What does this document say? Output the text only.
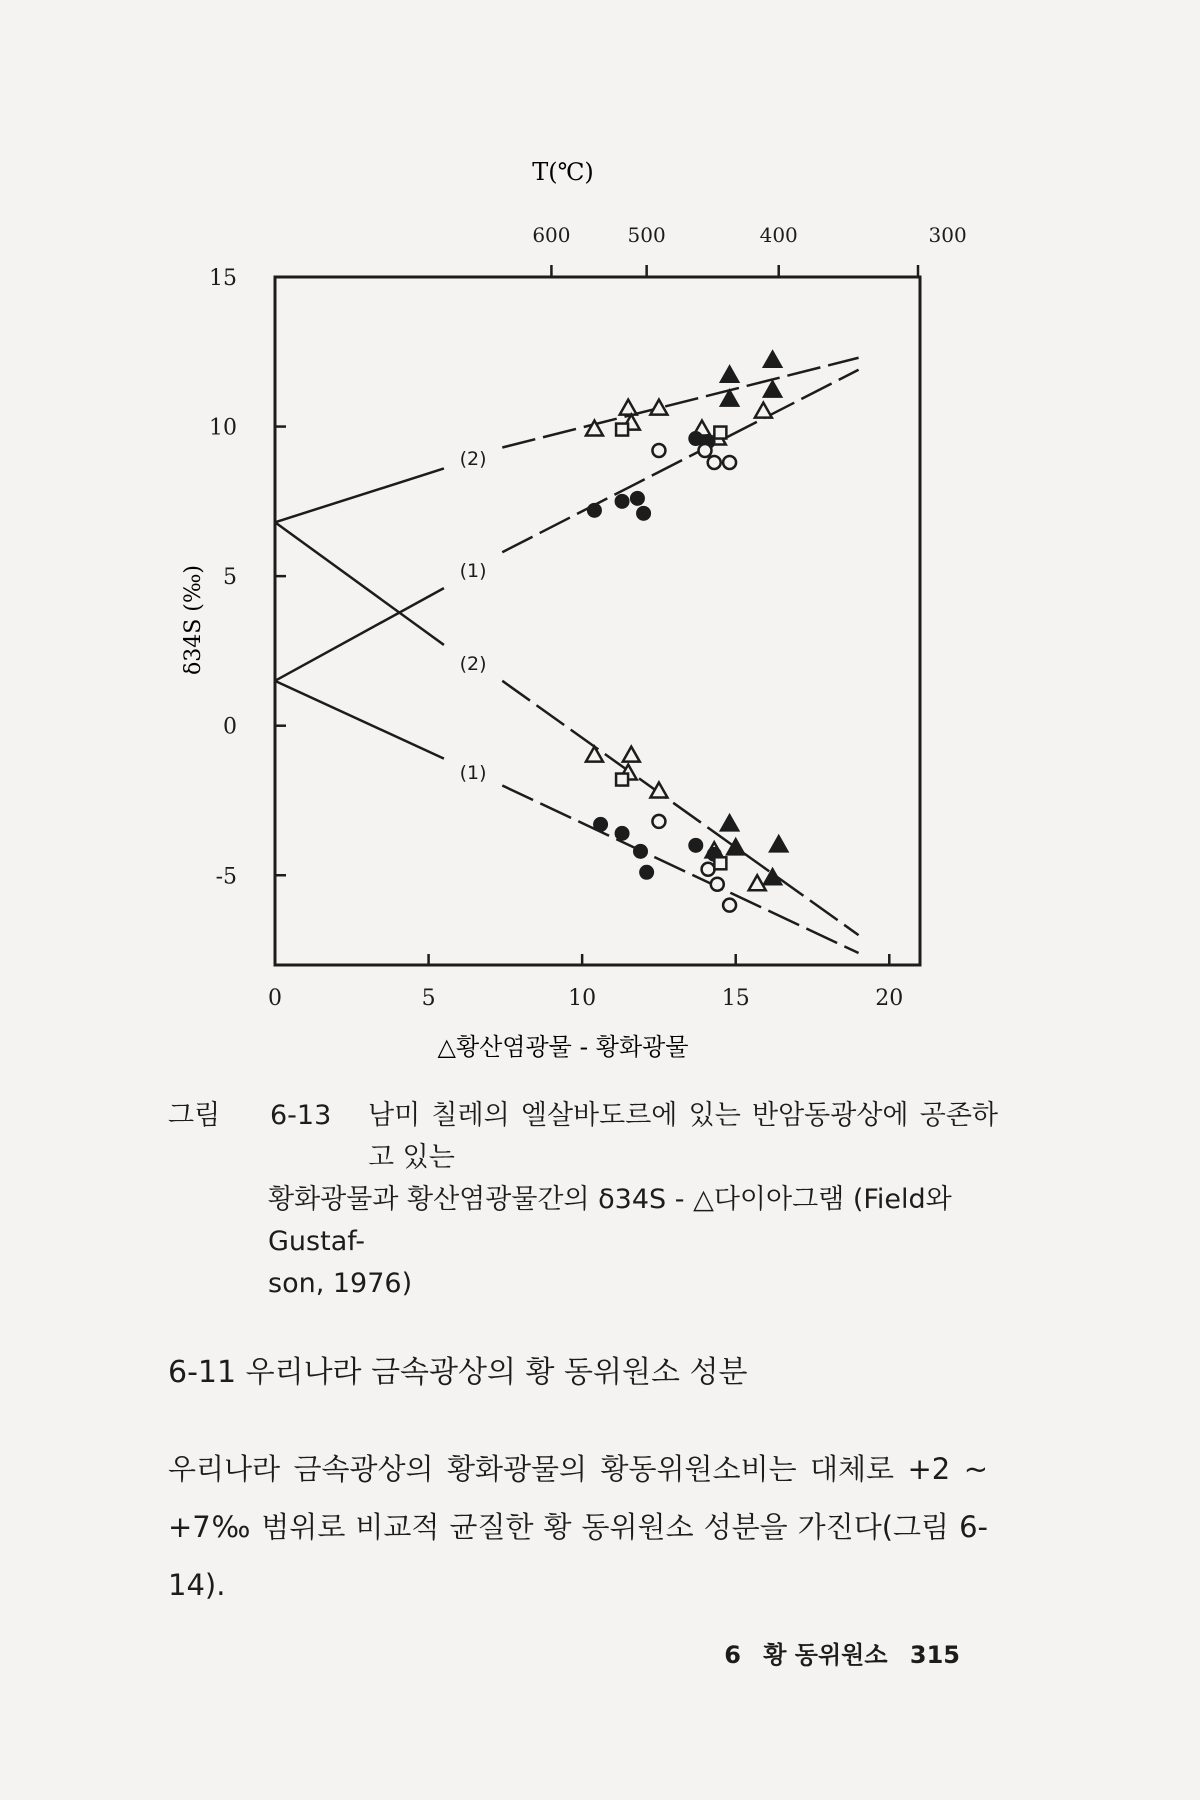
T(℃)
δ34S (‰)
△황산염광물 - 황화광물
0	5	10	15	20
-5
0
5
10
15
600	500	400	300
(2)
(1)
(2)
(1)
그림	6-13	남미 칠레의 엘살바도르에 있는 반암동광상에 공존하고 있는
황화광물과 황산염광물간의 δ34S - △다이아그램 (Field와 Gustaf-
son, 1976)
6-11 우리나라 금속광상의 황 동위원소 성분
우리나라 금속광상의 황화광물의 황동위원소비는 대체로 +2 ~
+7‰ 범위로 비교적 균질한 황 동위원소 성분을 가진다(그림 6-14).
6 황 동위원소 315
